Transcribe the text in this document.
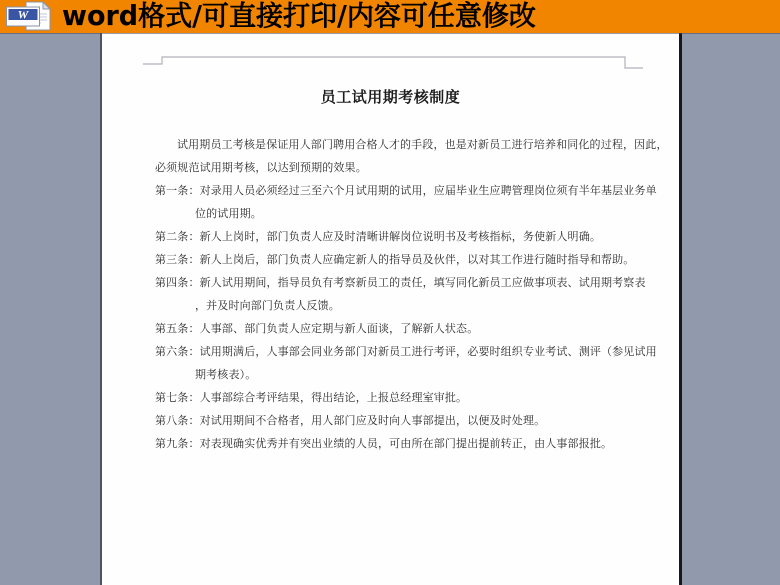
W word格式/可直接打印/内容可任意修改
员工试用期考核制度
试用期员工考核是保证用人部门聘用合格人才的手段，也是对新员工进行培养和同化的过程，因此，
必须规范试用期考核，以达到预期的效果。
第一条：对录用人员必须经过三至六个月试用期的试用，应届毕业生应聘管理岗位须有半年基层业务单
位的试用期。
第二条：新人上岗时，部门负责人应及时清晰讲解岗位说明书及考核指标，务使新人明确。
第三条：新人上岗后，部门负责人应确定新人的指导员及伙伴，以对其工作进行随时指导和帮助。
第四条：新人试用期间，指导员负有考察新员工的责任，填写同化新员工应做事项表、试用期考察表
，并及时向部门负责人反馈。
第五条：人事部、部门负责人应定期与新人面谈，了解新人状态。
第六条：试用期满后，人事部会同业务部门对新员工进行考评，必要时组织专业考试、测评（参见试用
期考核表）。
第七条：人事部综合考评结果，得出结论，上报总经理室审批。
第八条：对试用期间不合格者，用人部门应及时向人事部提出，以便及时处理。
第九条：对表现确实优秀并有突出业绩的人员，可由所在部门提出提前转正，由人事部报批。
